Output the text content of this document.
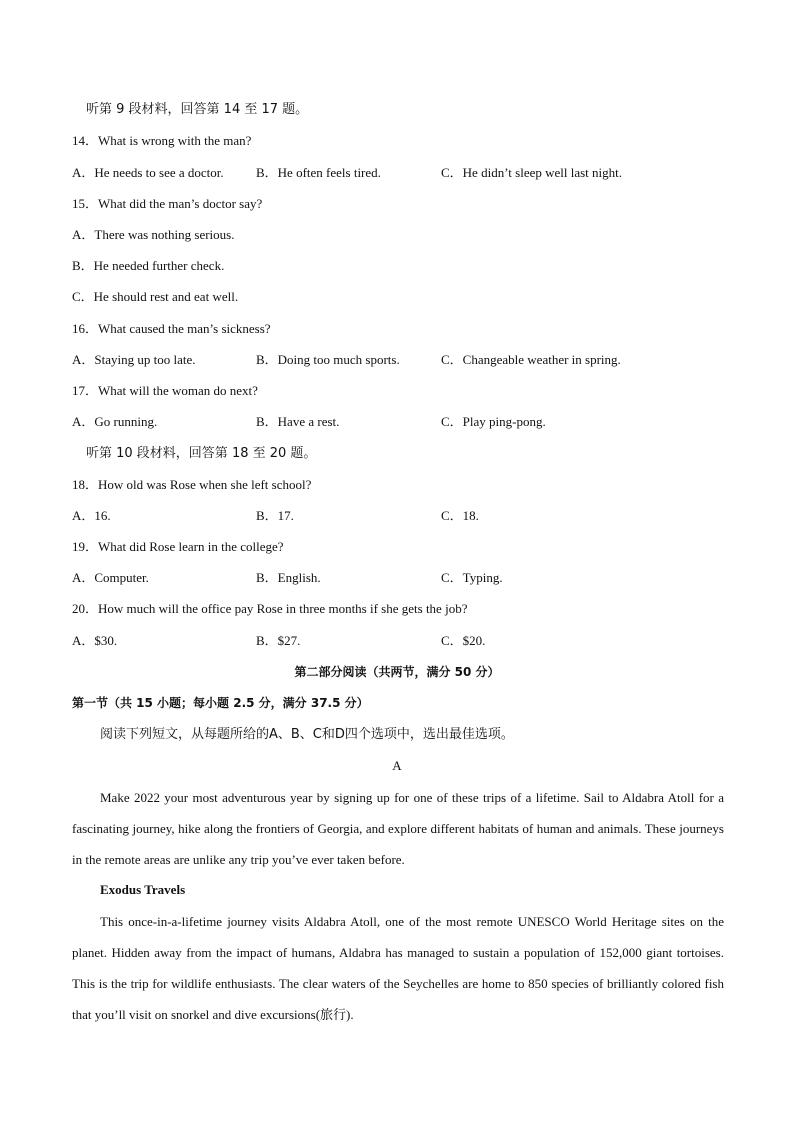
听第 9 段材料，回答第 14 至 17 题。
14．What is wrong with the man?
A．He needs to see a doctor. B．He often feels tired.	C．He didn’t sleep well last night.
15．What did the man’s doctor say?
A．There was nothing serious.
B．He needed further check.
C．He should rest and eat well.
16．What caused the man’s sickness?
A．Staying up too late.	B．Doing too much sports.	C．Changeable weather in spring.
17．What will the woman do next?
A．Go running.	B．Have a rest.	C．Play ping-pong.
听第 10 段材料，回答第 18 至 20 题。
18．How old was Rose when she left school?
A．16.	B．17.	C．18.
19．What did Rose learn in the college?
A．Computer.	B．English.	C．Typing.
20．How much will the office pay Rose in three months if she gets the job?
A．$30.	B．$27.	C．$20.
第二部分阅读（共两节，满分 50 分）
第一节（共 15 小题；每小题 2.5 分，满分 37.5 分）
阅读下列短文，从每题所给的A、B、C和D四个选项中，选出最佳选项。
A
Make 2022 your most adventurous year by signing up for one of these trips of a lifetime. Sail to Aldabra Atoll for a fascinating journey, hike along the frontiers of Georgia, and explore different habitats of human and animals. These journeys in the remote areas are unlike any trip you’ve ever taken before.
Exodus Travels
This once-in-a-lifetime journey visits Aldabra Atoll, one of the most remote UNESCO World Heritage sites on the planet. Hidden away from the impact of humans, Aldabra has managed to sustain a population of 152,000 giant tortoises. This is the trip for wildlife enthusiasts. The clear waters of the Seychelles are home to 850 species of brilliantly colored fish that you’ll visit on snorkel and dive excursions(旅行).
